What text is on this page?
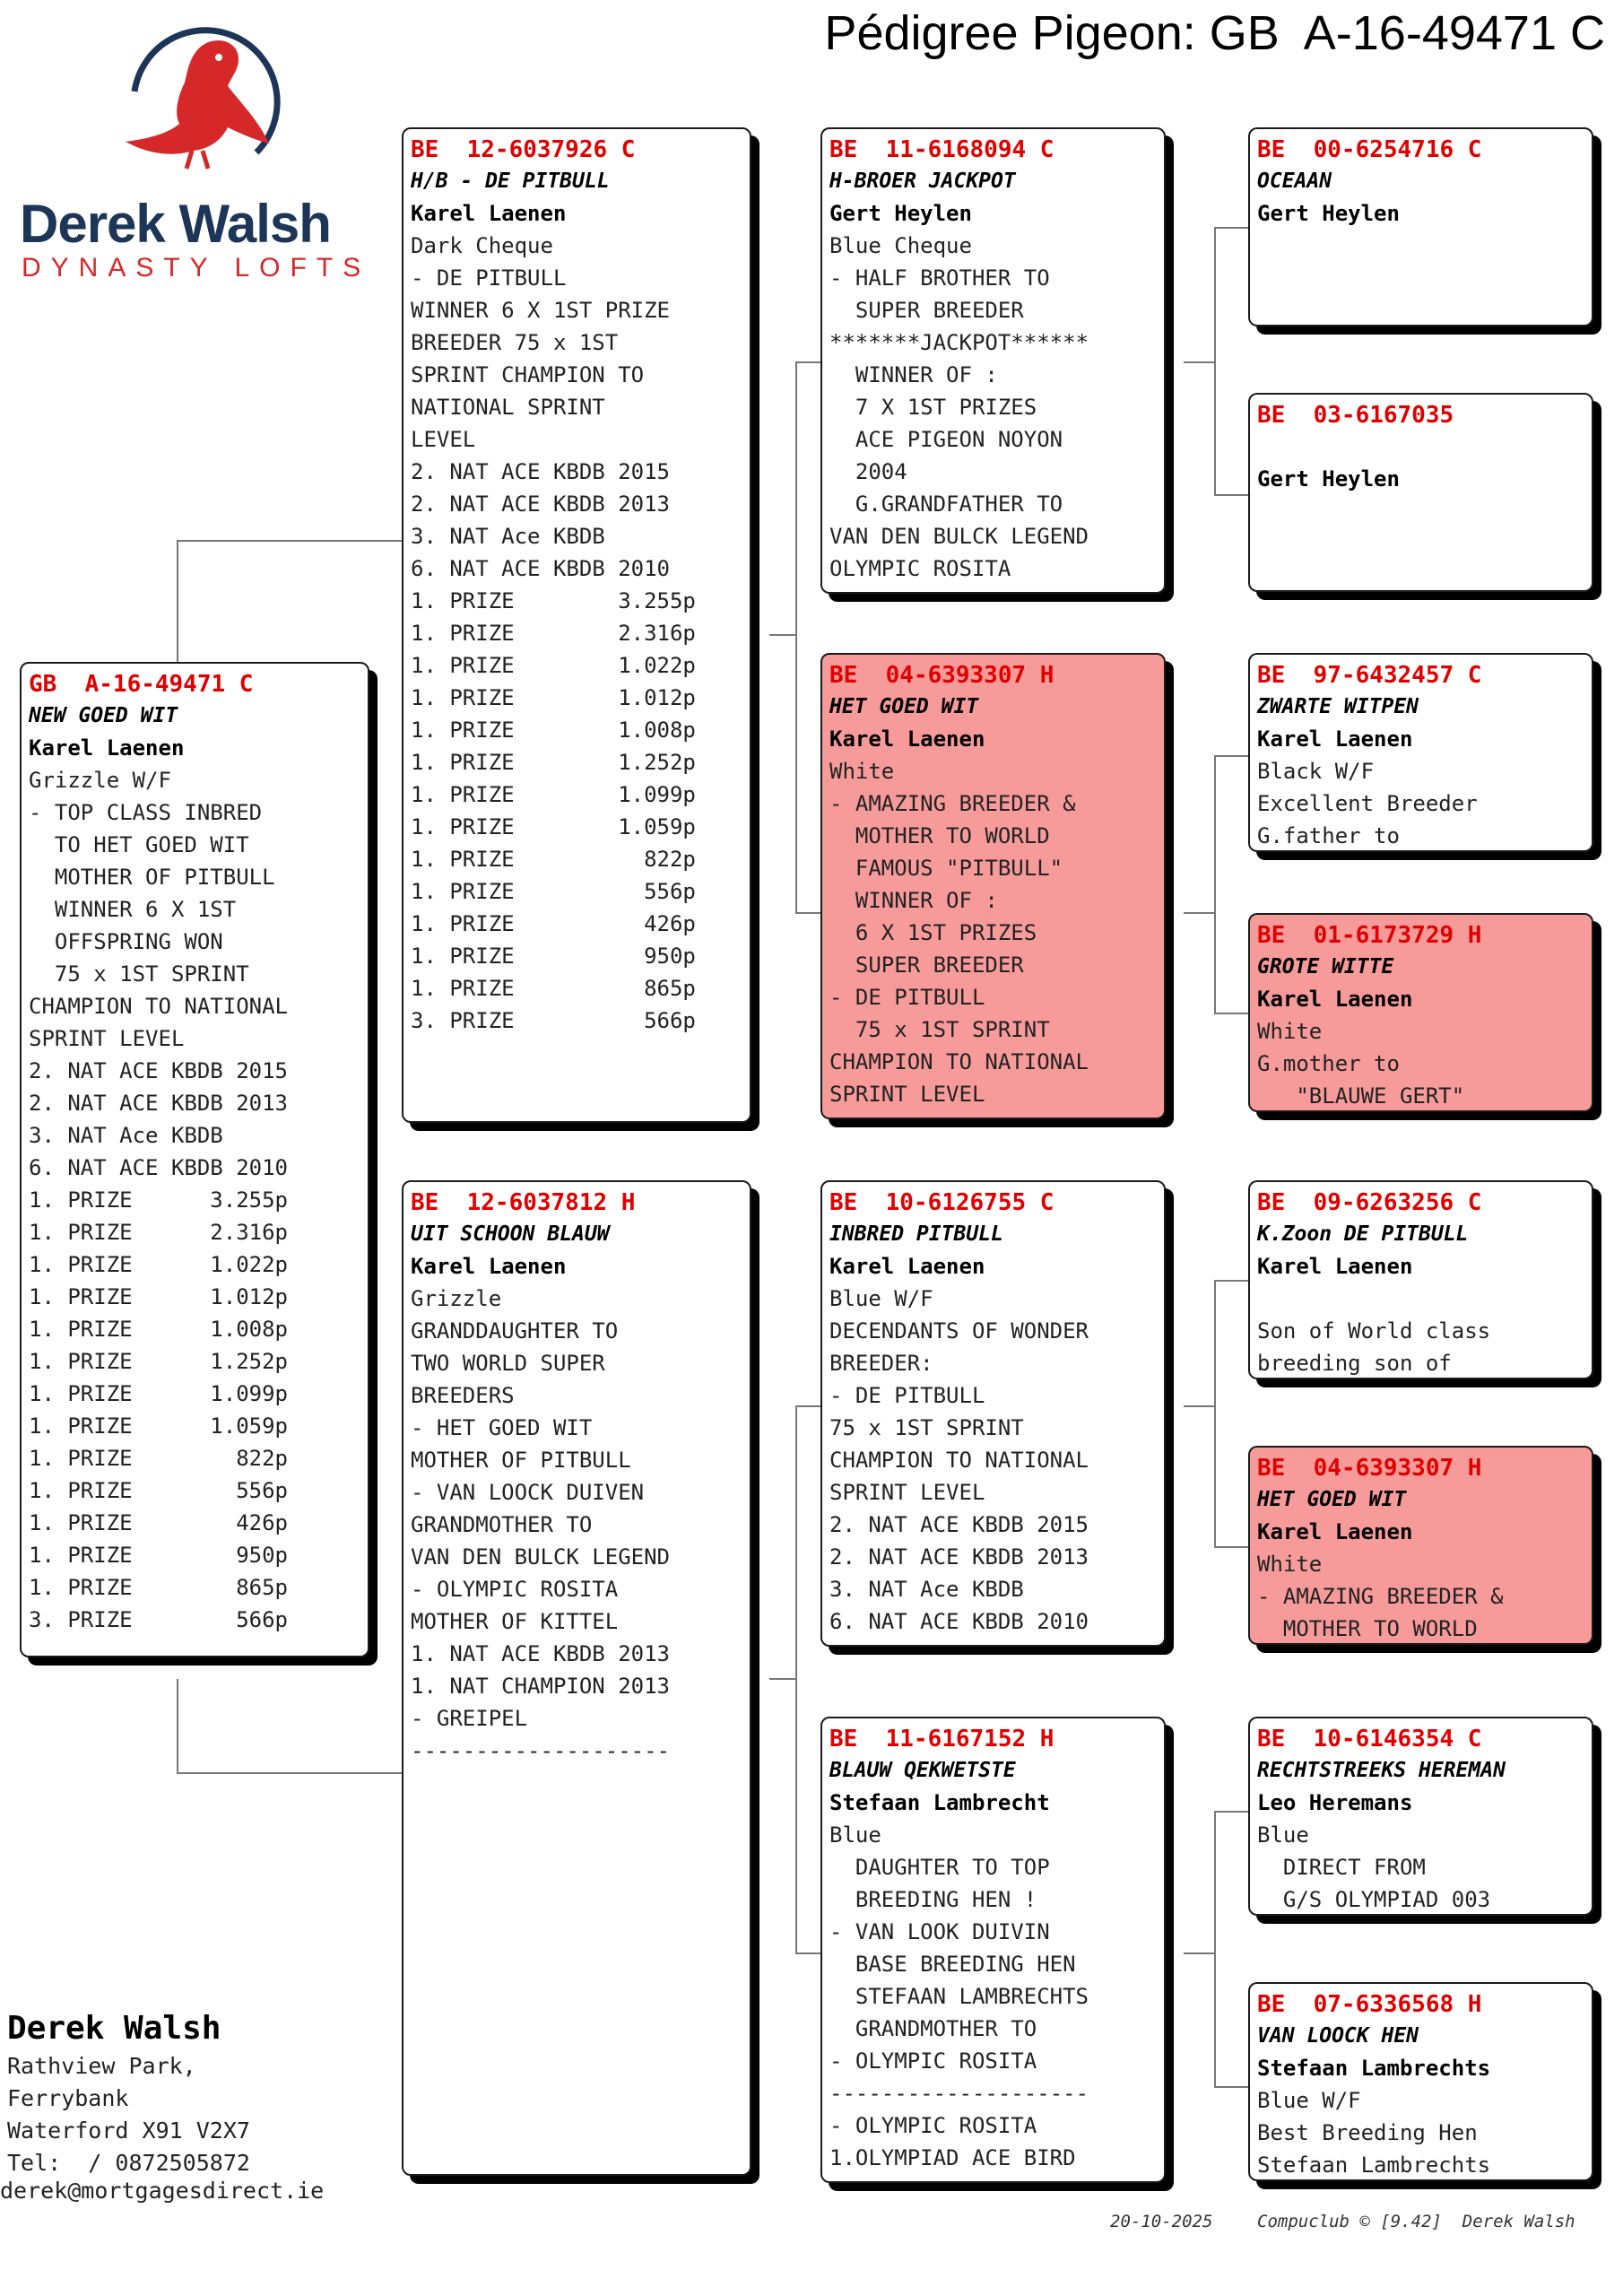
Pédigree Pigeon: GB  A-16-49471 C
Derek Walsh
DYNASTY LOFTS
GB  A-16-49471 C
NEW GOED WIT
Karel Laenen
Grizzle W/F
- TOP CLASS INBRED
TO HET GOED WIT
MOTHER OF PITBULL
WINNER 6 X 1ST
OFFSPRING WON
75 x 1ST SPRINT
CHAMPION TO NATIONAL
SPRINT LEVEL
2. NAT ACE KBDB 2015
2. NAT ACE KBDB 2013
3. NAT Ace KBDB
6. NAT ACE KBDB 2010
1. PRIZE      3.255p
1. PRIZE      2.316p
1. PRIZE      1.022p
1. PRIZE      1.012p
1. PRIZE      1.008p
1. PRIZE      1.252p
1. PRIZE      1.099p
1. PRIZE      1.059p
1. PRIZE        822p
1. PRIZE        556p
1. PRIZE        426p
1. PRIZE        950p
1. PRIZE        865p
3. PRIZE        566p
BE  12-6037926 C
H/B - DE PITBULL
Karel Laenen
Dark Cheque
- DE PITBULL
WINNER 6 X 1ST PRIZE
BREEDER 75 x 1ST
SPRINT CHAMPION TO
NATIONAL SPRINT
LEVEL
2. NAT ACE KBDB 2015
2. NAT ACE KBDB 2013
3. NAT Ace KBDB
6. NAT ACE KBDB 2010
1. PRIZE        3.255p
1. PRIZE        2.316p
1. PRIZE        1.022p
1. PRIZE        1.012p
1. PRIZE        1.008p
1. PRIZE        1.252p
1. PRIZE        1.099p
1. PRIZE        1.059p
1. PRIZE          822p
1. PRIZE          556p
1. PRIZE          426p
1. PRIZE          950p
1. PRIZE          865p
3. PRIZE          566p
BE  12-6037812 H
UIT SCHOON BLAUW
Karel Laenen
Grizzle
GRANDDAUGHTER TO
TWO WORLD SUPER
BREEDERS
- HET GOED WIT
MOTHER OF PITBULL
- VAN LOOCK DUIVEN
GRANDMOTHER TO
VAN DEN BULCK LEGEND
- OLYMPIC ROSITA
MOTHER OF KITTEL
1. NAT ACE KBDB 2013
1. NAT CHAMPION 2013
- GREIPEL
--------------------
BE  11-6168094 C
H-BROER JACKPOT
Gert Heylen
Blue Cheque
- HALF BROTHER TO
SUPER BREEDER
*******JACKPOT******
WINNER OF :
7 X 1ST PRIZES
ACE PIGEON NOYON
2004
G.GRANDFATHER TO
VAN DEN BULCK LEGEND
OLYMPIC ROSITA
BE  04-6393307 H
HET GOED WIT
Karel Laenen
White
- AMAZING BREEDER &
MOTHER TO WORLD
FAMOUS "PITBULL"
WINNER OF :
6 X 1ST PRIZES
SUPER BREEDER
- DE PITBULL
75 x 1ST SPRINT
CHAMPION TO NATIONAL
SPRINT LEVEL
BE  10-6126755 C
INBRED PITBULL
Karel Laenen
Blue W/F
DECENDANTS OF WONDER
BREEDER:
- DE PITBULL
75 x 1ST SPRINT
CHAMPION TO NATIONAL
SPRINT LEVEL
2. NAT ACE KBDB 2015
2. NAT ACE KBDB 2013
3. NAT Ace KBDB
6. NAT ACE KBDB 2010
BE  11-6167152 H
BLAUW QEKWETSTE
Stefaan Lambrecht
Blue
DAUGHTER TO TOP
BREEDING HEN !
- VAN LOOK DUIVIN
BASE BREEDING HEN
STEFAAN LAMBRECHTS
GRANDMOTHER TO
- OLYMPIC ROSITA
--------------------
- OLYMPIC ROSITA
1.OLYMPIAD ACE BIRD
BE  00-6254716 C
OCEAAN
Gert Heylen
BE  03-6167035
Gert Heylen
BE  97-6432457 C
ZWARTE WITPEN
Karel Laenen
Black W/F
Excellent Breeder
G.father to
BE  01-6173729 H
GROTE WITTE
Karel Laenen
White
G.mother to
"BLAUWE GERT"
BE  09-6263256 C
K.Zoon DE PITBULL
Karel Laenen
Son of World class
breeding son of
BE  04-6393307 H
HET GOED WIT
Karel Laenen
White
- AMAZING BREEDER &
MOTHER TO WORLD
BE  10-6146354 C
RECHTSTREEKS HEREMAN
Leo Heremans
Blue
DIRECT FROM
G/S OLYMPIAD 003
BE  07-6336568 H
VAN LOOCK HEN
Stefaan Lambrechts
Blue W/F
Best Breeding Hen
Stefaan Lambrechts
Derek Walsh
Rathview Park,
Ferrybank
Waterford X91 V2X7
Tel:  / 0872505872
derek@mortgagesdirect.ie
20-10-2025	Compuclub © [9.42]  Derek Walsh
